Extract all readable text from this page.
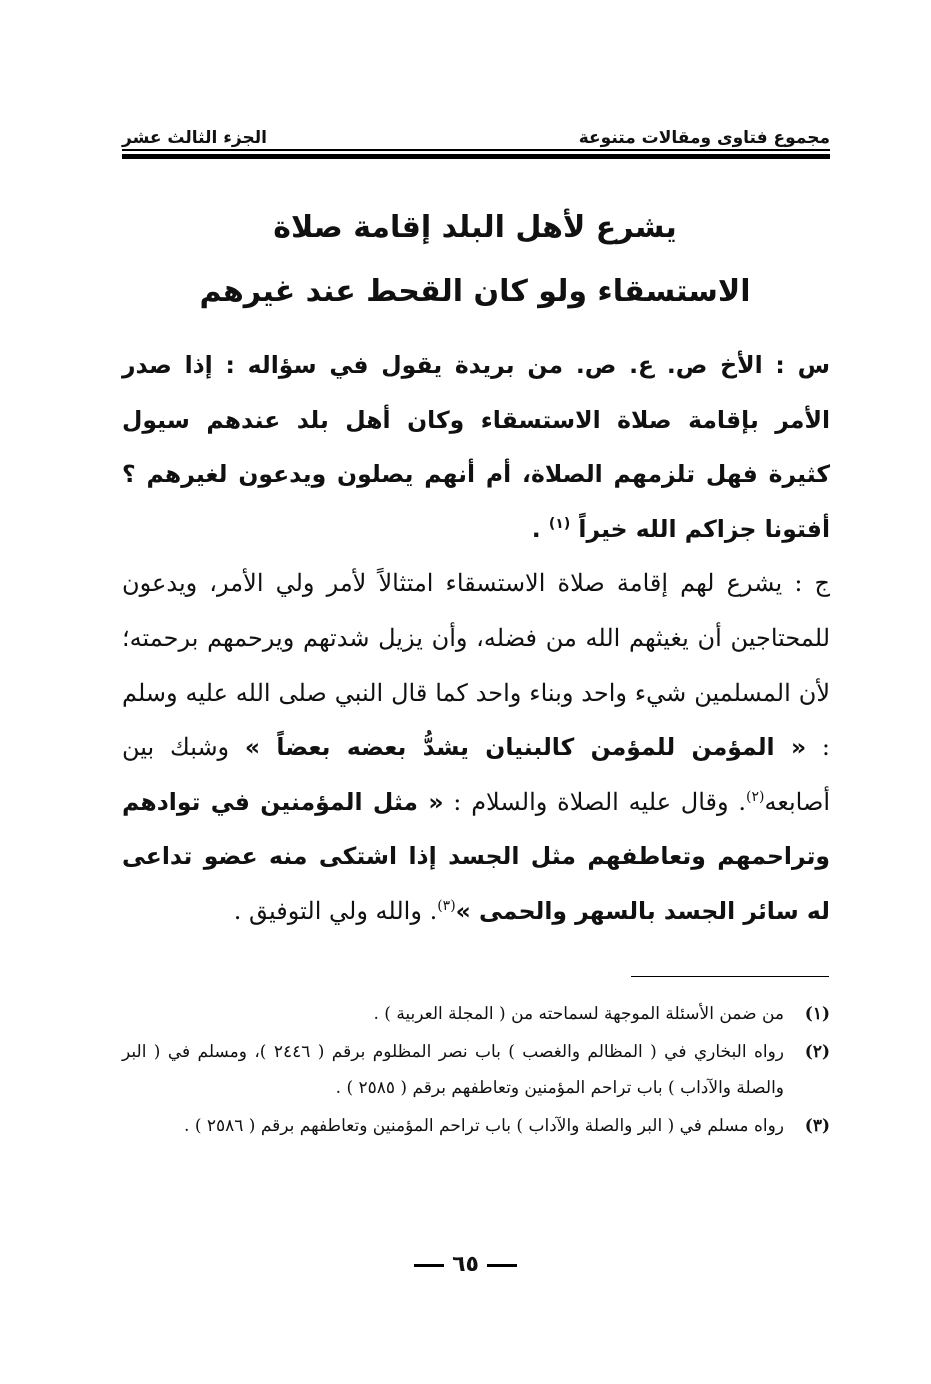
مجموع فتاوى ومقالات متنوعة
الجزء الثالث عشر
يشرع لأهل البلد إقامة صلاة
الاستسقاء ولو كان القحط عند غيرهم

س : الأخ ص. ع. ص. من بريدة يقول في سؤاله : إذا صدر الأمر بإقامة صلاة الاستسقاء وكان أهل بلد عندهم سيول كثيرة فهل تلزمهم الصلاة، أم أنهم يصلون ويدعون لغيرهم ؟ أفتونا جزاكم الله خيراً $^{(١)}$ .

ج : يشرع لهم إقامة صلاة الاستسقاء امتثالاً لأمر ولي الأمر، ويدعون للمحتاجين أن يغيثهم الله من فضله، وأن يزيل شدتهم ويرحمهم برحمته؛ لأن المسلمين شيء واحد وبناء واحد كما قال النبي صلى الله عليه وسلم : « المؤمن للمؤمن كالبنيان يشدُّ بعضه بعضاً » وشبك بين أصابعه$^{(٢)}$. وقال عليه الصلاة والسلام : « مثل المؤمنين في توادهم وتراحمهم وتعاطفهم مثل الجسد إذا اشتكى منه عضو تداعى له سائر الجسد بالسهر والحمى »$^{(٣)}$. والله ولي التوفيق .

(١)
من ضمن الأسئلة الموجهة لسماحته من ( المجلة العربية ) .
(٢)
رواه البخاري في ( المظالم والغصب ) باب نصر المظلوم برقم ( ٢٤٤٦ )، ومسلم في ( البر والصلة والآداب ) باب تراحم المؤمنين وتعاطفهم برقم ( ٢٥٨٥ ) .
(٣)
رواه مسلم في ( البر والصلة والآداب ) باب تراحم المؤمنين وتعاطفهم برقم ( ٢٥٨٦ ) .
٦٥
